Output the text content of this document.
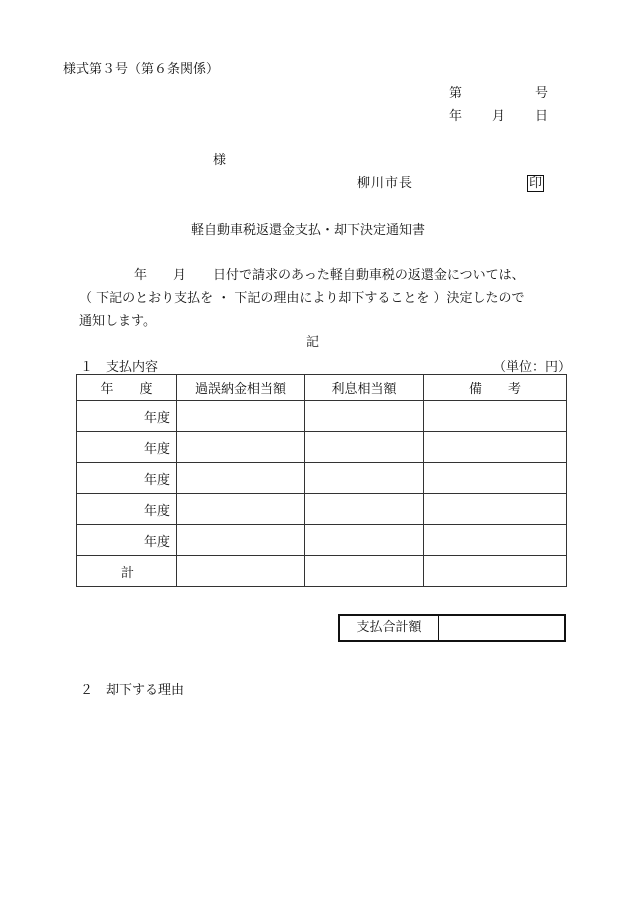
様式第３号（第６条関係）
第	号
年 月 日
様
柳川市長	印
軽自動車税返還金支払・却下決定通知書
年 月 日付で請求のあった軽自動車税の返還金については、
（ 下記のとおり支払を ・ 下記の理由により却下することを ）決定したので
通知します。
記
１　支払内容	（単位：円）
年　　度	過誤納金相当額	利息相当額	備　　考
年度			
年度			
年度			
年度			
年度			
計			
支払合計額
２　却下する理由
